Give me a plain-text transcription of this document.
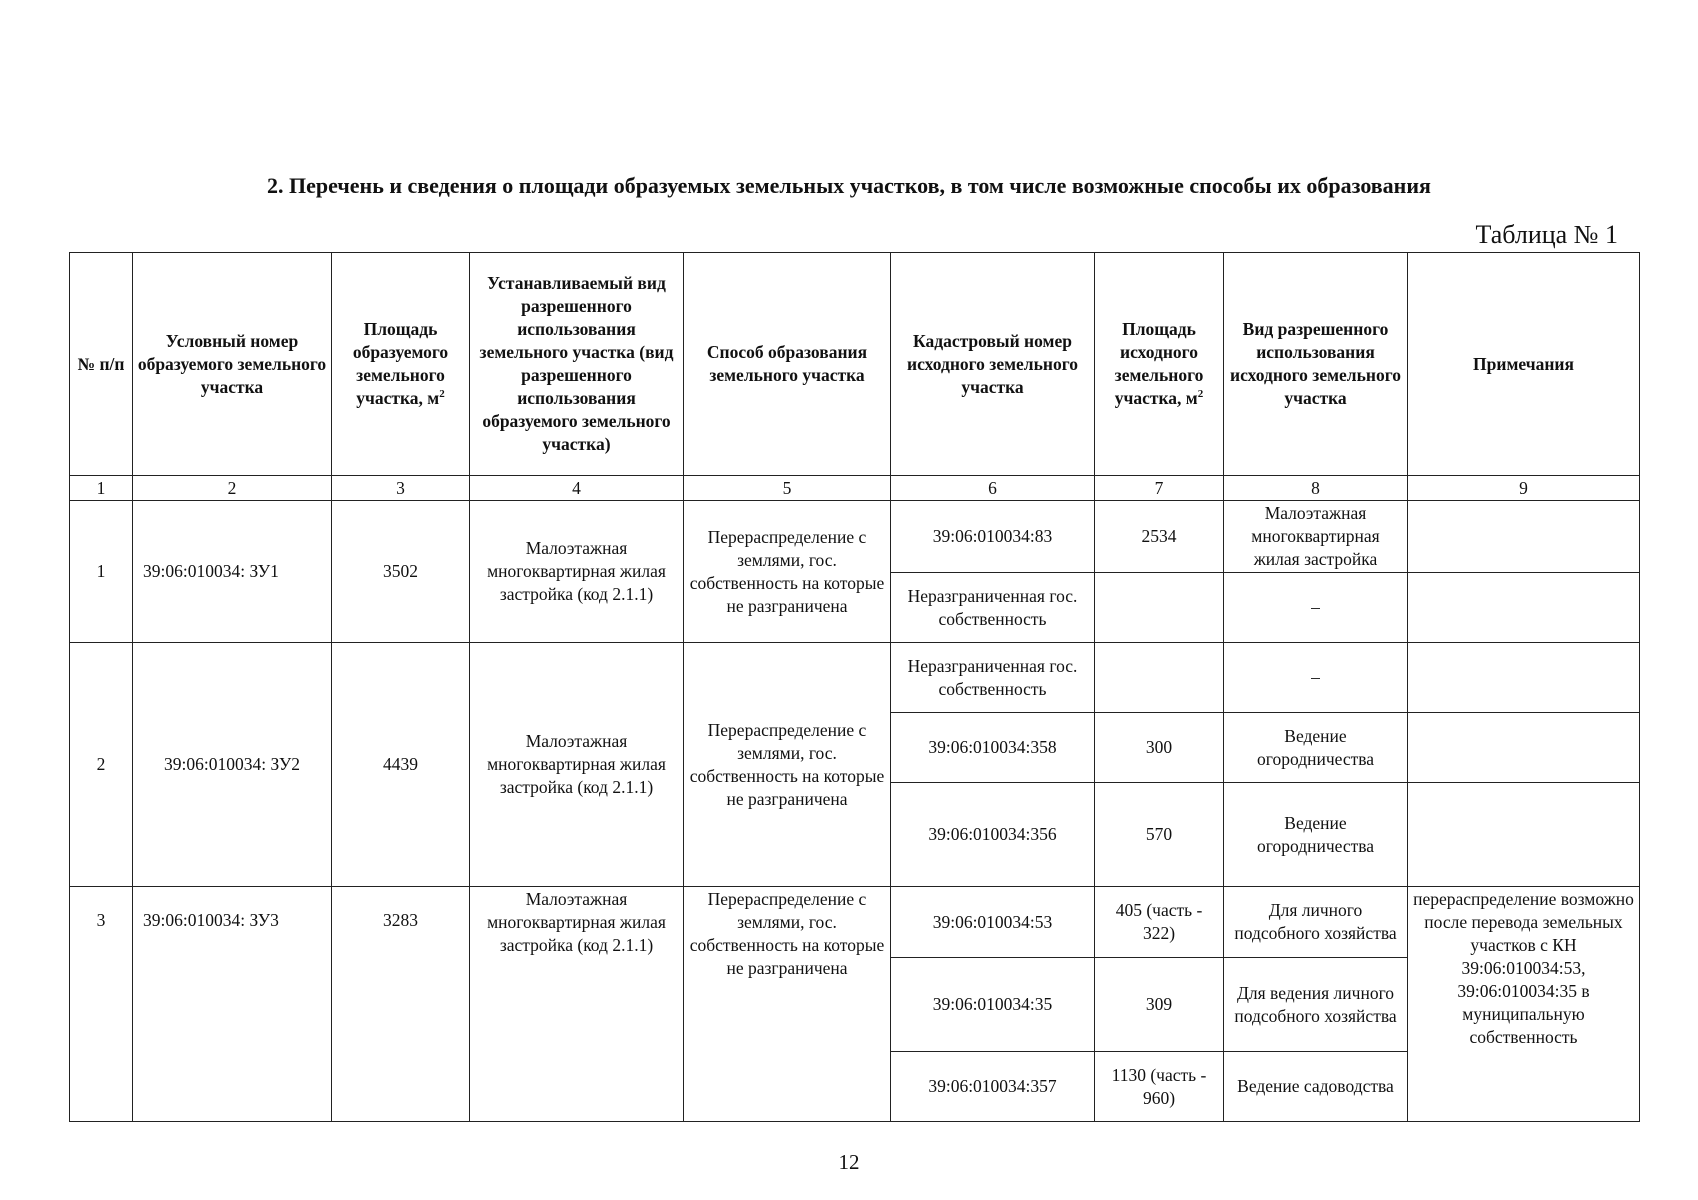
2. Перечень и сведения о площади образуемых земельных участков, в том числе возможные способы их образования
Таблица № 1
№ п/п	Условный номер образуемого земельного участка	Площадь образуемого земельного участка, $м^2$	Устанавливаемый вид разрешенного использования земельного участка (вид разрешенного использования образуемого земельного участка)	Способ образования земельного участка	Кадастровый номер исходного земельного участка	Площадь исходного земельного участка, $м^2$	Вид разрешенного использования исходного земельного участка	Примечания
1	2	3	4	5	6	7	8	9
1	39:06:010034: ЗУ1	3502	Малоэтажная многоквартирная жилая застройка (код 2.1.1)	Перераспределение с землями, гос. собственность на которые не разграничена	39:06:010034:83	2534	Малоэтажная многоквартирная жилая застройка	
					Неразграниченная гос. собственность		–	
2	39:06:010034: ЗУ2	4439	Малоэтажная многоквартирная жилая застройка (код 2.1.1)	Перераспределение с землями, гос. собственность на которые не разграничена	Неразграниченная гос. собственность		–	
					39:06:010034:358	300	Ведение огородничества	
					39:06:010034:356	570	Ведение огородничества	
3	39:06:010034: ЗУ3	3283	Малоэтажная многоквартирная жилая застройка (код 2.1.1)	Перераспределение с землями, гос. собственность на которые не разграничена	39:06:010034:53	405 (часть - 322)	Для личного подсобного хозяйства	перераспределение возможно после перевода земельных участков с КН 39:06:010034:53, 39:06:010034:35 в муниципальную собственность
					39:06:010034:35	309	Для ведения личного подсобного хозяйства	
					39:06:010034:357	1130 (часть - 960)	Ведение садоводства	
12
